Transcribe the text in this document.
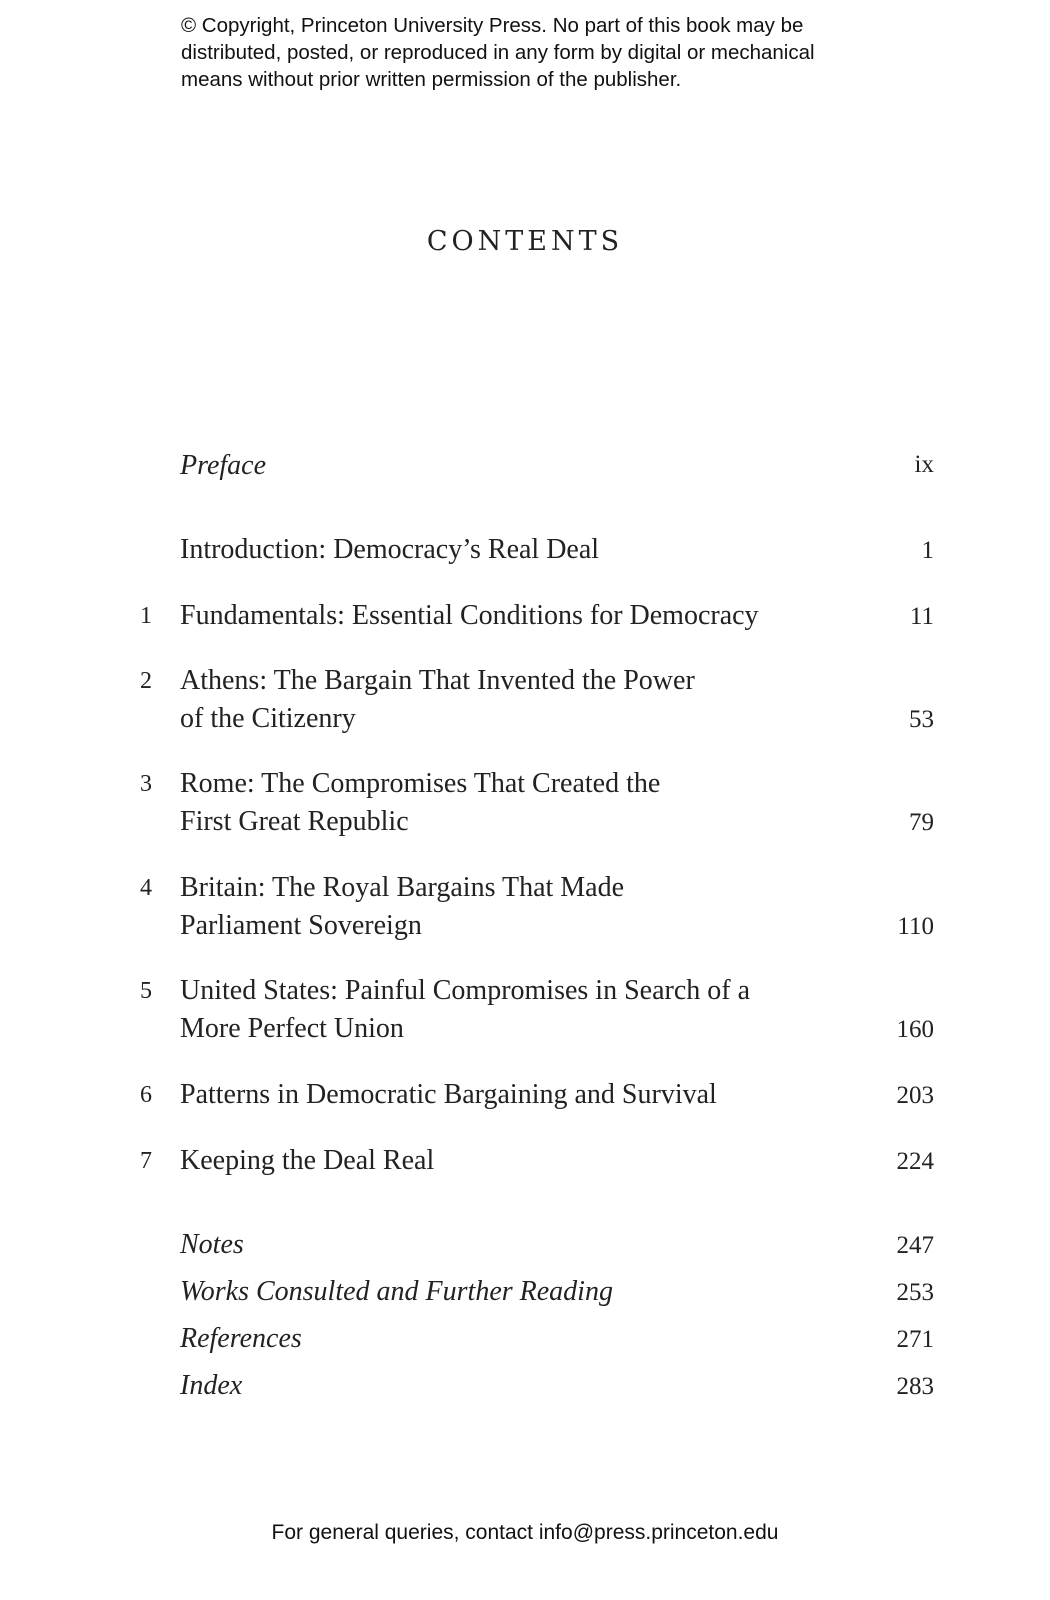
© Copyright, Princeton University Press. No part of this book may be
distributed, posted, or reproduced in any form by digital or mechanical
means without prior written permission of the publisher.
CONTENTS
Preface	ix
Introduction: Democracy’s Real Deal	1
1	Fundamentals: Essential Conditions for Democracy	11
2	Athens: The Bargain That Invented the Power
of the Citizenry	53
3	Rome: The Compromises That Created the
First Great Republic	79
4	Britain: The Royal Bargains That Made
Parliament Sovereign	110
5	United States: Painful Compromises in Search of a
More Perfect Union	160
6	Patterns in Democratic Bargaining and Survival	203
7	Keeping the Deal Real	224
Notes	247
Works Consulted and Further Reading	253
References	271
Index	283
For general queries, contact info@press.princeton.edu
